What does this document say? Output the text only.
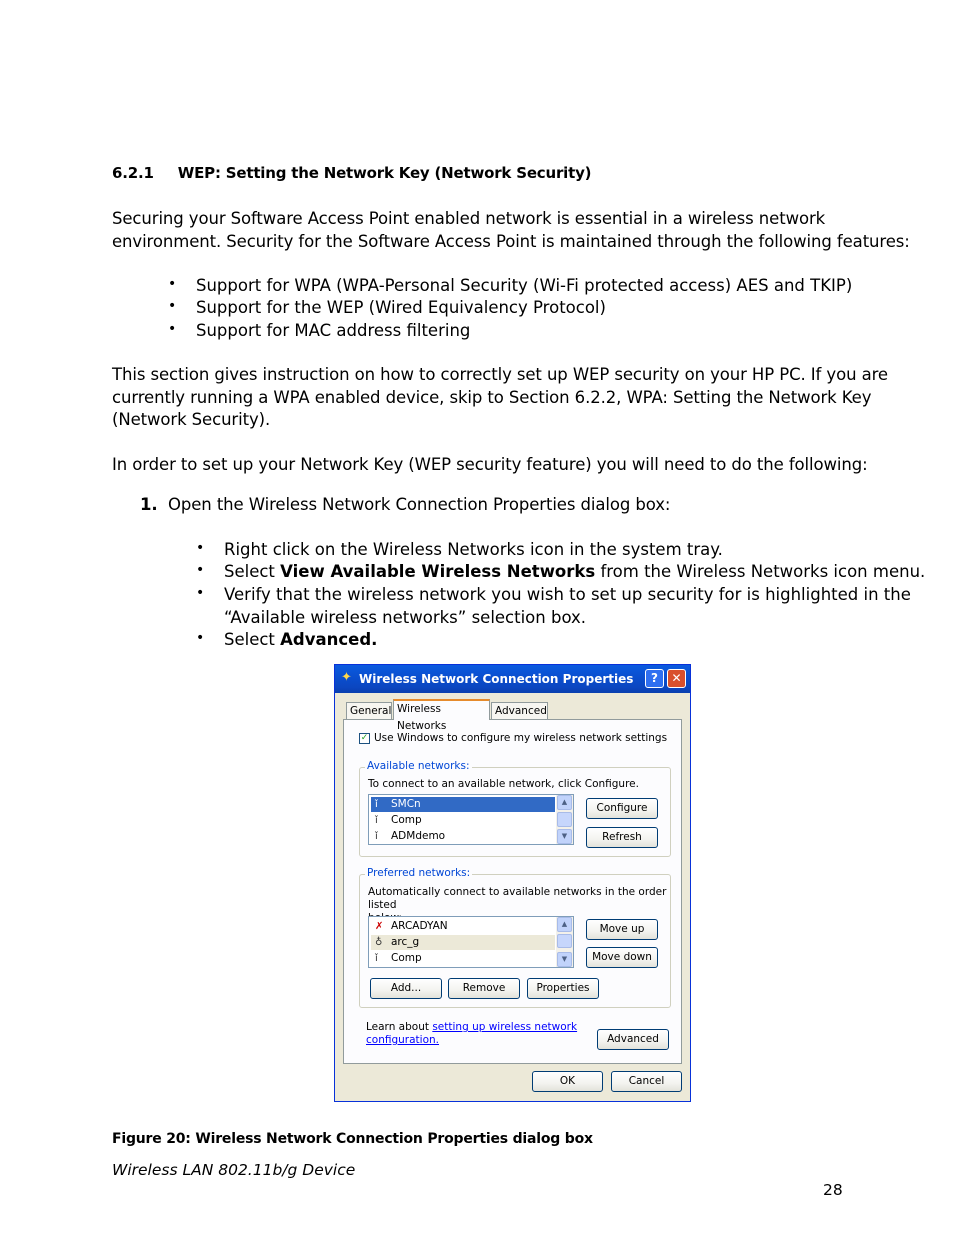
6.2.1 WEP: Setting the Network Key (Network Security)
Securing your Software Access Point enabled network is essential in a wireless network
environment. Security for the Software Access Point is maintained through the following features:
• Support for WPA (WPA-Personal Security (Wi-Fi protected access) AES and TKIP)
• Support for the WEP (Wired Equivalency Protocol)
• Support for MAC address filtering
This section gives instruction on how to correctly set up WEP security on your HP PC. If you are
currently running a WPA enabled device, skip to Section 6.2.2, WPA: Setting the Network Key
(Network Security).
In order to set up your Network Key (WEP security feature) you will need to do the following:
1. Open the Wireless Network Connection Properties dialog box:
• Right click on the Wireless Networks icon in the system tray.
• Select View Available Wireless Networks from the Wireless Networks icon menu.
• Verify that the wireless network you wish to set up security for is highlighted in the
“Available wireless networks” selection box.
• Select Advanced.
✦ Wireless Network Connection Properties	?	✕
General Wireless Networks
Advanced
✓ Use Windows to configure my wireless network settings
Available networks:
To connect to an available network, click Configure.
ǐ SMCn
ǐ Comp
ǐ ADMdemo
▲
▼
Configure
Refresh
Preferred networks:
Automatically connect to available networks in the order listed
✗ ARCADYAN
♁ arc_g
ǐ Comp
▲
▼
Move up
Move down
Add...	Remove	Properties
Learn about setting up wireless network
configuration.	Advanced
OK	Cancel
Figure 20: Wireless Network Connection Properties dialog box
Wireless LAN 802.11b/g Device
28
